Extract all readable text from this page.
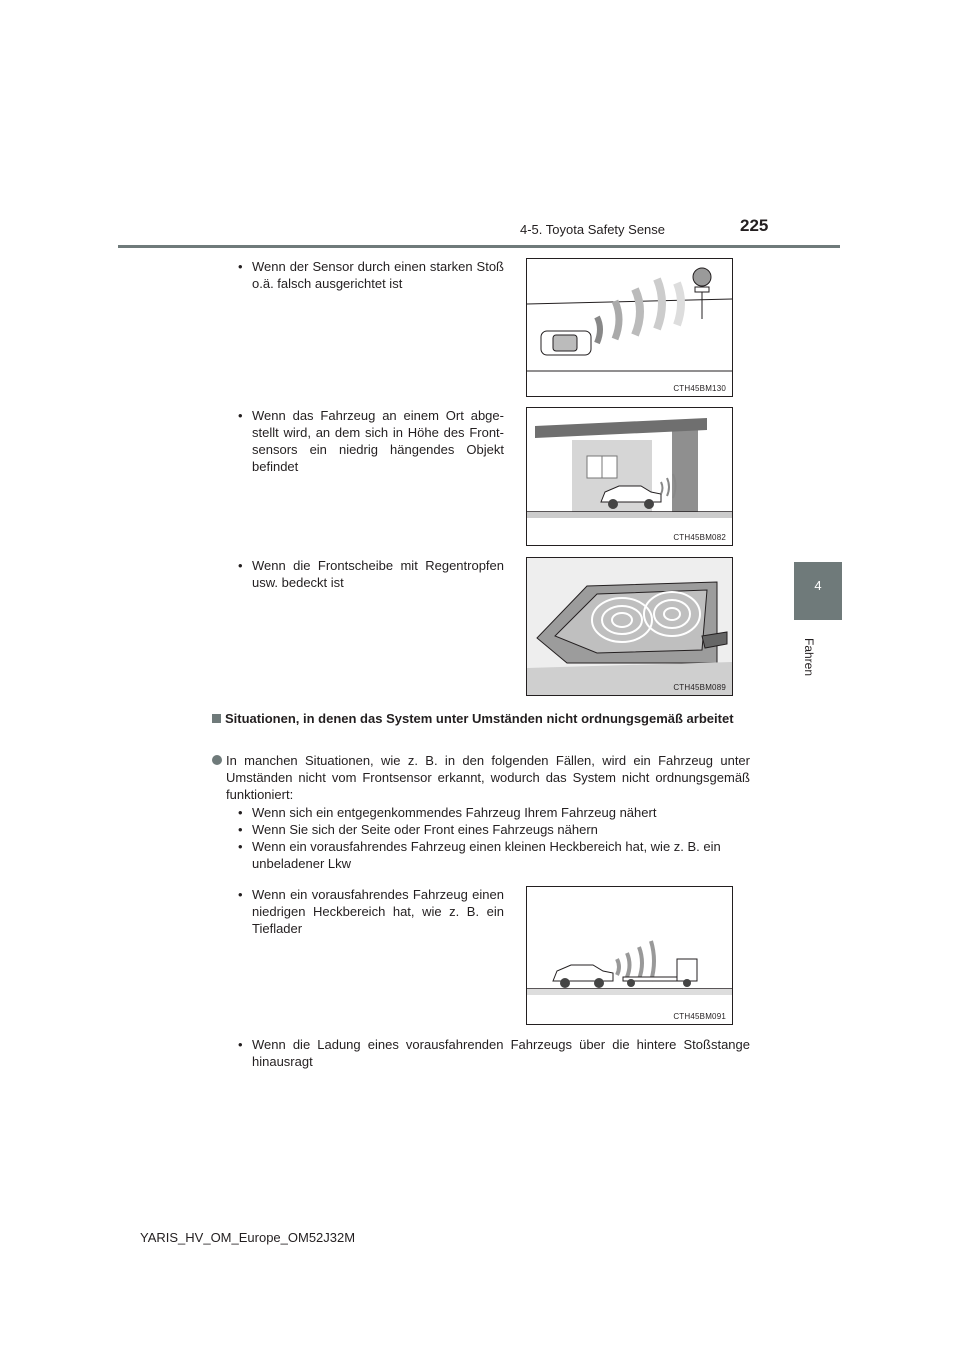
4-5. Toyota Safety Sense	225
4
Fahren
• Wenn der Sensor durch einen starken Stoß o.ä. falsch ausgerichtet ist
CTH45BM130
• Wenn das Fahrzeug an einem Ort abgestellt wird, an dem sich in Höhe des Frontsensors ein niedrig hängendes Objekt befindet
CTH45BM082
• Wenn die Frontscheibe mit Regentropfen usw. bedeckt ist
CTH45BM089
Situationen, in denen das System unter Umständen nicht ordnungsgemäß arbeitet
In manchen Situationen, wie z. B. in den folgenden Fällen, wird ein Fahrzeug unter Umständen nicht vom Frontsensor erkannt, wodurch das System nicht ordnungsgemäß funktioniert:
• Wenn sich ein entgegenkommendes Fahrzeug Ihrem Fahrzeug nähert
• Wenn Sie sich der Seite oder Front eines Fahrzeugs nähern
• Wenn ein vorausfahrendes Fahrzeug einen kleinen Heckbereich hat, wie z. B. ein unbeladener Lkw
• Wenn ein vorausfahrendes Fahrzeug einen niedrigen Heckbereich hat, wie z. B. ein Tieflader
CTH45BM091
• Wenn die Ladung eines vorausfahrenden Fahrzeugs über die hintere Stoßstange hinausragt
YARIS_HV_OM_Europe_OM52J32M
